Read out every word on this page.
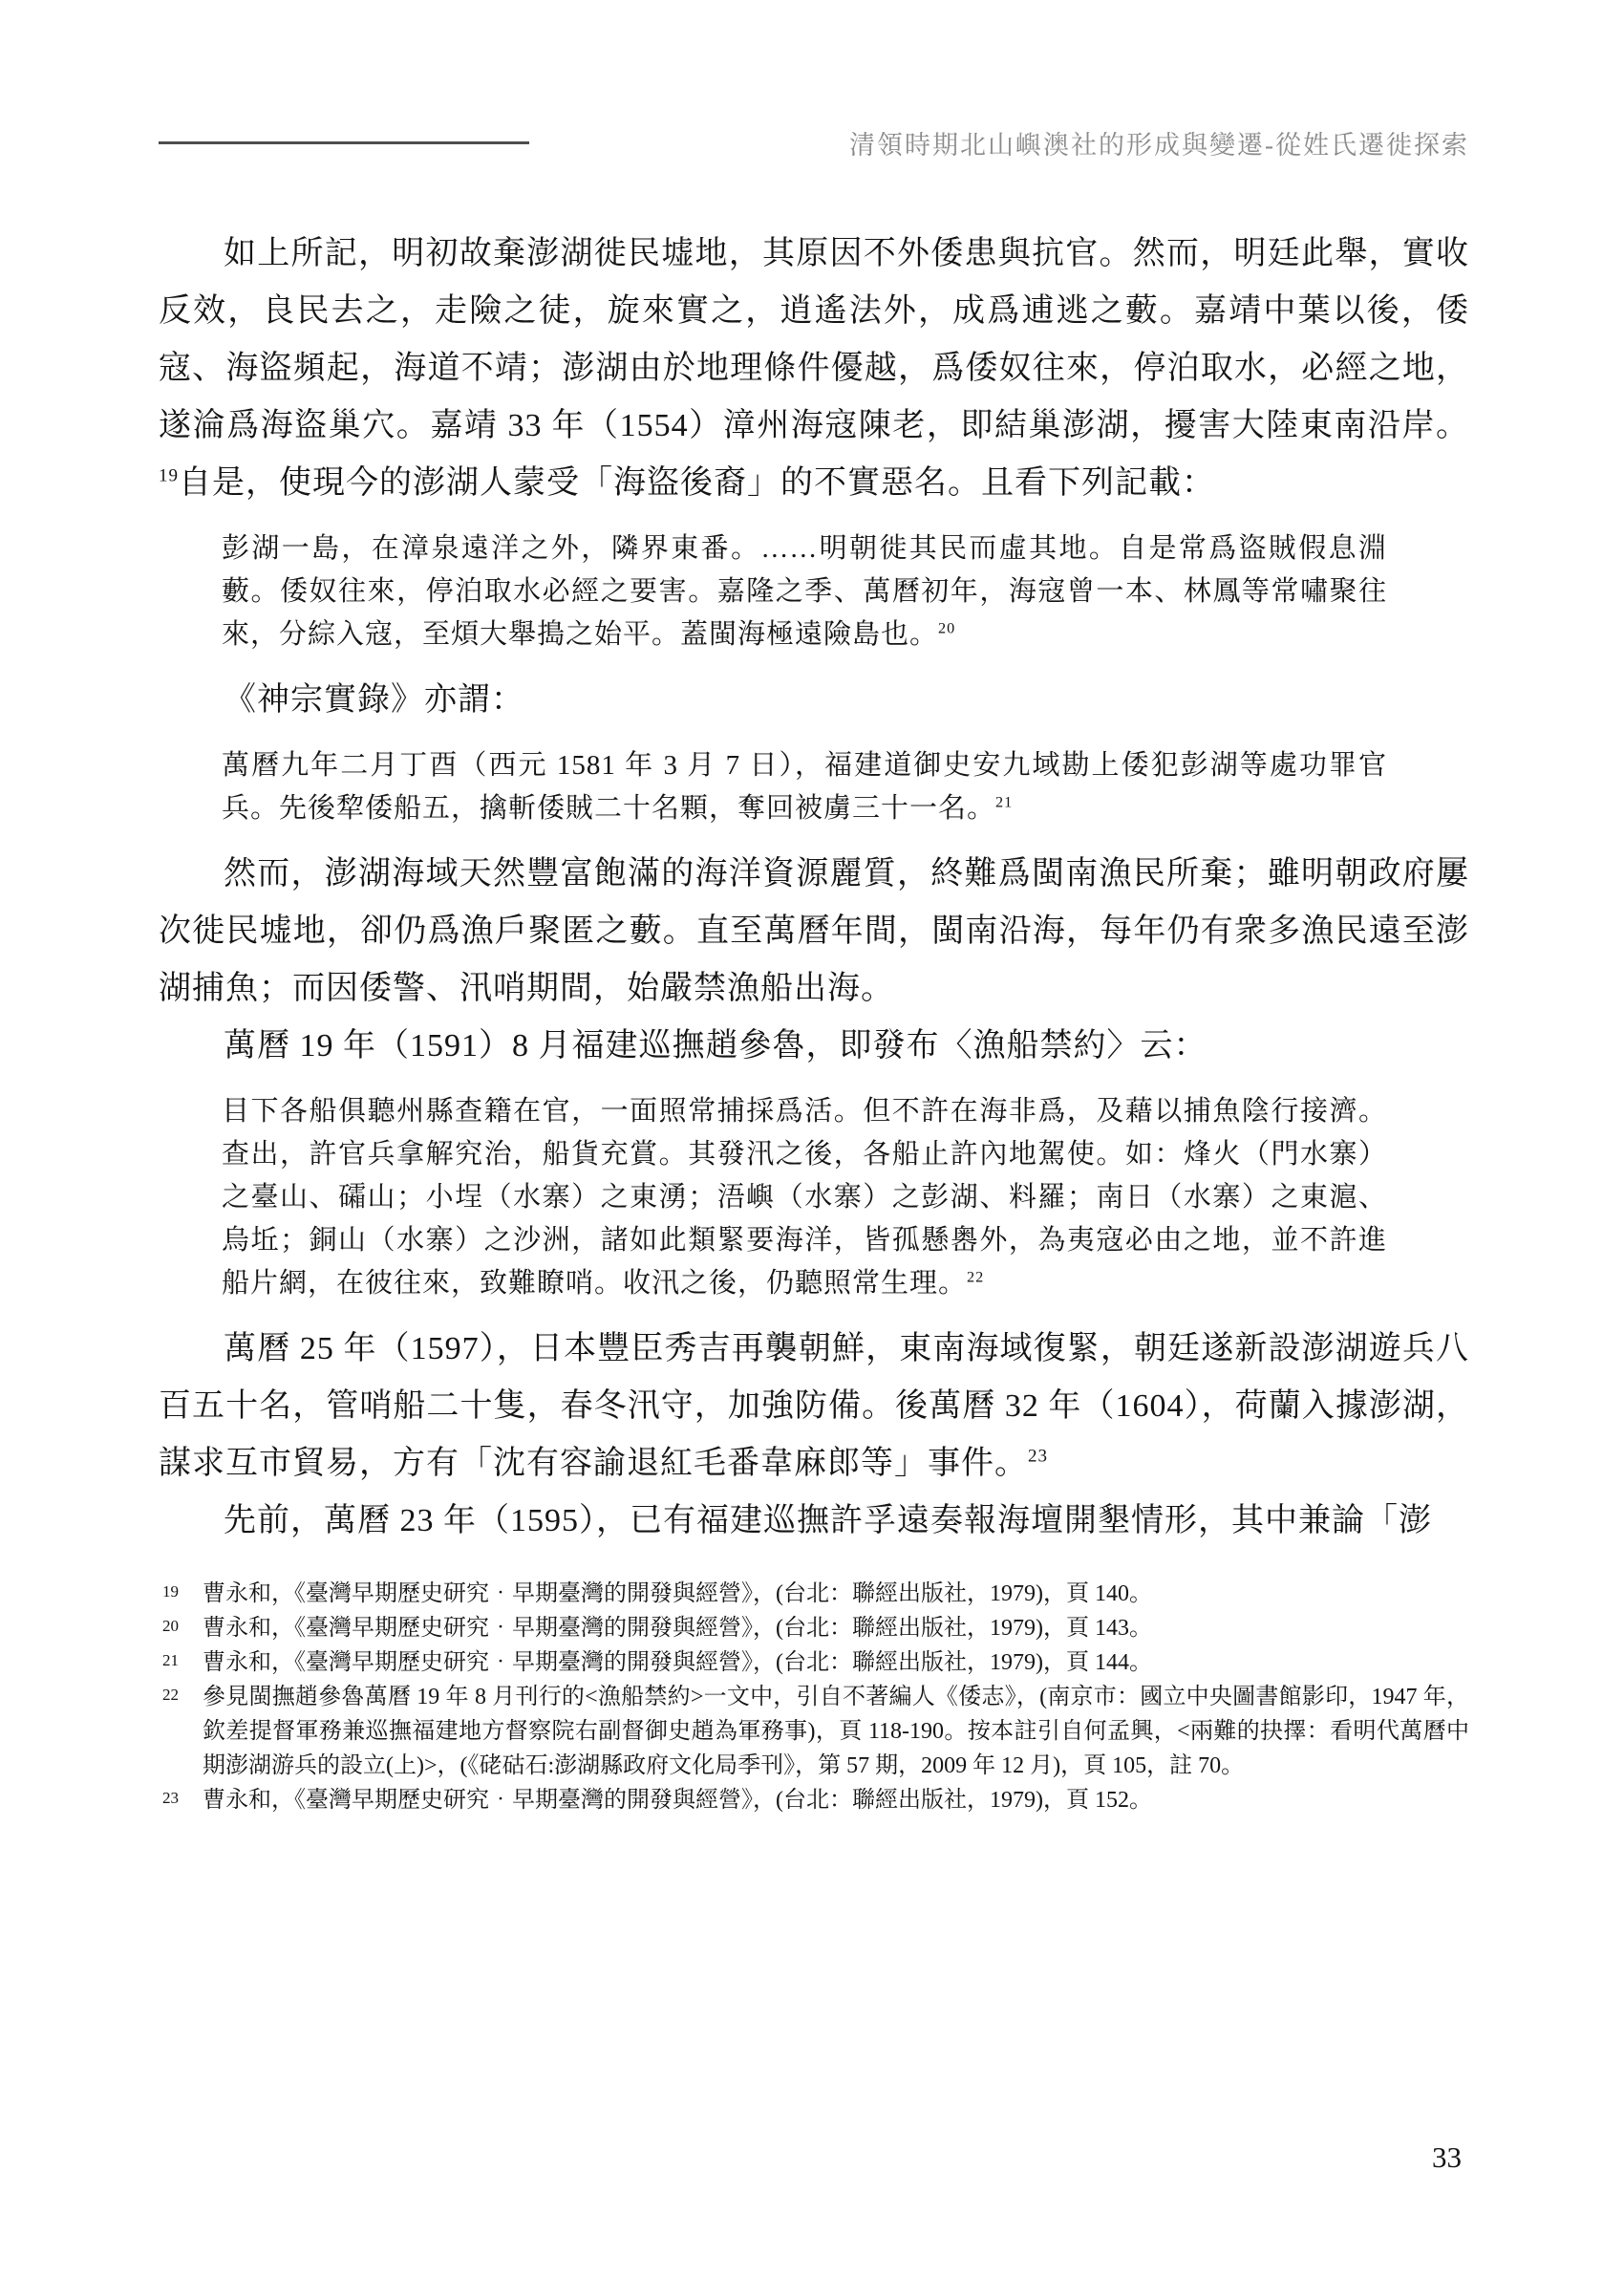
清領時期北山嶼澳社的形成與變遷-從姓氏遷徙探索

如上所記，明初故棄澎湖徙民墟地，其原因不外倭患與抗官。然而，明廷此舉，實收反效，良民去之，走險之徒，旋來實之，逍遙法外，成爲逋逃之藪。嘉靖中葉以後，倭寇、海盜頻起，海道不靖；澎湖由於地理條件優越，爲倭奴往來，停泊取水，必經之地，遂淪爲海盜巢穴。嘉靖 33 年（1554）漳州海寇陳老，即結巢澎湖，擾害大陸東南沿岸。$^{19}$自是，使現今的澎湖人蒙受「海盜後裔」的不實惡名。且看下列記載：

彭湖一島，在漳泉遠洋之外，隣界東番。……明朝徙其民而虛其地。自是常爲盜賊假息淵藪。倭奴往來，停泊取水必經之要害。嘉隆之季、萬曆初年，海寇曾一本、林鳳等常嘯聚往來，分綜入寇，至煩大舉搗之始平。蓋閩海極遠險島也。$^{20}$

《神宗實錄》亦謂：

萬曆九年二月丁酉（西元 1581 年 3 月 7 日），福建道御史安九域勘上倭犯彭湖等處功罪官兵。先後犂倭船五，擒斬倭賊二十名顆，奪回被虜三十一名。$^{21}$

然而，澎湖海域天然豐富飽滿的海洋資源麗質，終難爲閩南漁民所棄；雖明朝政府屢次徙民墟地，卻仍爲漁戶聚匿之藪。直至萬曆年間，閩南沿海，每年仍有衆多漁民遠至澎湖捕魚；而因倭警、汛哨期間，始嚴禁漁船出海。

萬曆 19 年（1591）8 月福建巡撫趙參魯，即發布〈漁船禁約〉云：

目下各船俱聽州縣查籍在官，一面照常捕採爲活。但不許在海非爲，及藉以捕魚陰行接濟。查出，許官兵拿解究治，船貨充賞。其發汛之後，各船止許內地駕使。如：烽火（門水寨）之臺山、礵山；小埕（水寨）之東湧；浯嶼（水寨）之彭湖、料羅；南日（水寨）之東滬、烏坵；銅山（水寨）之沙洲，諸如此類緊要海洋，皆孤懸嶴外，為夷寇必由之地，並不許進船片網，在彼往來，致難瞭哨。收汛之後，仍聽照常生理。$^{22}$

萬曆 25 年（1597），日本豐臣秀吉再襲朝鮮，東南海域復緊，朝廷遂新設澎湖遊兵八百五十名，管哨船二十隻，春冬汛守，加強防備。後萬曆 32 年（1604），荷蘭入據澎湖，謀求互市貿易，方有「沈有容諭退紅毛番韋麻郎等」事件。$^{23}$

先前，萬曆 23 年（1595），已有福建巡撫許孚遠奏報海壇開墾情形，其中兼論「澎

19 曹永和，《臺灣早期歷史研究‧早期臺灣的開發與經營》，(台北：聯經出版社，1979)，頁 140。
20 曹永和，《臺灣早期歷史研究‧早期臺灣的開發與經營》，(台北：聯經出版社，1979)，頁 143。
21 曹永和，《臺灣早期歷史研究‧早期臺灣的開發與經營》，(台北：聯經出版社，1979)，頁 144。
22 參見閩撫趙參魯萬曆 19 年 8 月刊行的<漁船禁約>一文中，引自不著編人《倭志》，(南京市：國立中央圖書館影印，1947 年，欽差提督軍務兼巡撫福建地方督察院右副督御史趙為軍務事)，頁 118-190。按本註引自何孟興，<兩難的抉擇：看明代萬曆中期澎湖游兵的設立(上)>，(《硓𥑮石:澎湖縣政府文化局季刊》，第 57 期，2009 年 12 月)，頁 105，註 70。
23 曹永和，《臺灣早期歷史研究‧早期臺灣的開發與經營》，(台北：聯經出版社，1979)，頁 152。
33
